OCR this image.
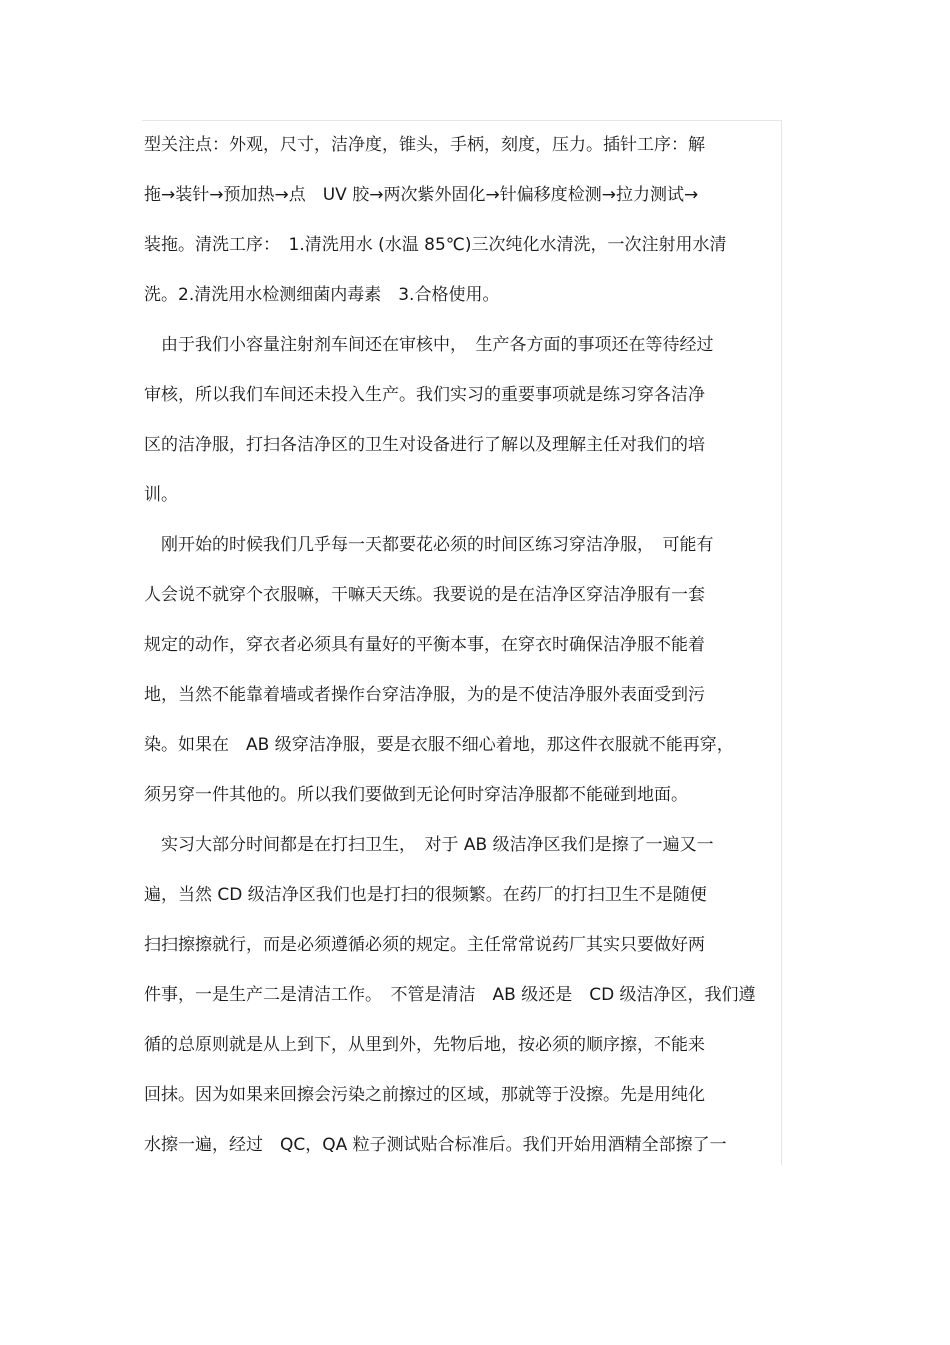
型关注点：外观，尺寸，洁净度，锥头，手柄，刻度，压力。插针工序：解
拖→装针→预加热→点　UV 胶→两次紫外固化→针偏移度检测→拉力测试→
装拖。清洗工序：　1.清洗用水 (水温 85℃)三次纯化水清洗，一次注射用水清
洗。2.清洗用水检测细菌内毒素　3.合格使用。
　由于我们小容量注射剂车间还在审核中，　生产各方面的事项还在等待经过
审核，所以我们车间还未投入生产。我们实习的重要事项就是练习穿各洁净
区的洁净服，打扫各洁净区的卫生对设备进行了解以及理解主任对我们的培
训。
　刚开始的时候我们几乎每一天都要花必须的时间区练习穿洁净服，　可能有
人会说不就穿个衣服嘛，干嘛天天练。我要说的是在洁净区穿洁净服有一套
规定的动作，穿衣者必须具有量好的平衡本事，在穿衣时确保洁净服不能着
地，当然不能靠着墙或者操作台穿洁净服，为的是不使洁净服外表面受到污
染。如果在　AB 级穿洁净服，要是衣服不细心着地，那这件衣服就不能再穿，
须另穿一件其他的。所以我们要做到无论何时穿洁净服都不能碰到地面。
　实习大部分时间都是在打扫卫生，　对于 AB 级洁净区我们是擦了一遍又一
遍，当然 CD 级洁净区我们也是打扫的很频繁。在药厂的打扫卫生不是随便
扫扫擦擦就行，而是必须遵循必须的规定。主任常常说药厂其实只要做好两
件事，一是生产二是清洁工作。　不管是清洁　AB 级还是　CD 级洁净区，我们遵
循的总原则就是从上到下，从里到外，先物后地，按必须的顺序擦，不能来
回抹。因为如果来回擦会污染之前擦过的区域，那就等于没擦。先是用纯化
水擦一遍，经过　QC，QA 粒子测试贴合标准后。我们开始用酒精全部擦了一
